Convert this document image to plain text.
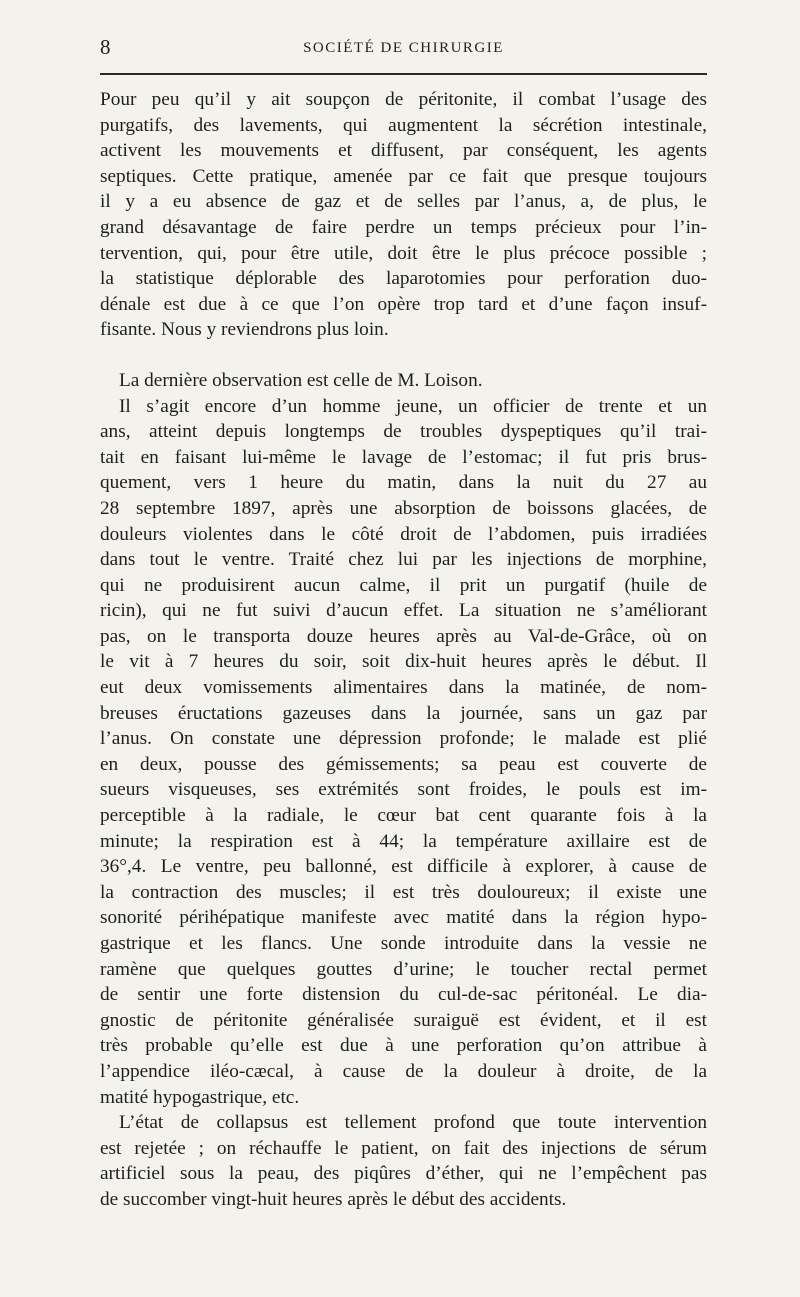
8	SOCIÉTÉ DE CHIRURGIE
Pour peu qu’il y ait soupçon de péritonite, il combat l’usage des
purgatifs, des lavements, qui augmentent la sécrétion intestinale,
activent les mouvements et diffusent, par conséquent, les agents
septiques. Cette pratique, amenée par ce fait que presque toujours
il y a eu absence de gaz et de selles par l’anus, a, de plus, le
grand désavantage de faire perdre un temps précieux pour l’in-
tervention, qui, pour être utile, doit être le plus précoce possible ;
la statistique déplorable des laparotomies pour perforation duo-
dénale est due à ce que l’on opère trop tard et d’une façon insuf-
fisante. Nous y reviendrons plus loin.
La dernière observation est celle de M. Loison.
Il s’agit encore d’un homme jeune, un officier de trente et un
ans, atteint depuis longtemps de troubles dyspeptiques qu’il trai-
tait en faisant lui-même le lavage de l’estomac; il fut pris brus-
quement, vers 1 heure du matin, dans la nuit du 27 au
28 septembre 1897, après une absorption de boissons glacées, de
douleurs violentes dans le côté droit de l’abdomen, puis irradiées
dans tout le ventre. Traité chez lui par les injections de morphine,
qui ne produisirent aucun calme, il prit un purgatif (huile de
ricin), qui ne fut suivi d’aucun effet. La situation ne s’améliorant
pas, on le transporta douze heures après au Val-de-Grâce, où on
le vit à 7 heures du soir, soit dix-huit heures après le début. Il
eut deux vomissements alimentaires dans la matinée, de nom-
breuses éructations gazeuses dans la journée, sans un gaz par
l’anus. On constate une dépression profonde; le malade est plié
en deux, pousse des gémissements; sa peau est couverte de
sueurs visqueuses, ses extrémités sont froides, le pouls est im-
perceptible à la radiale, le cœur bat cent quarante fois à la
minute; la respiration est à 44; la température axillaire est de
36°,4. Le ventre, peu ballonné, est difficile à explorer, à cause de
la contraction des muscles; il est très douloureux; il existe une
sonorité périhépatique manifeste avec matité dans la région hypo-
gastrique et les flancs. Une sonde introduite dans la vessie ne
ramène que quelques gouttes d’urine; le toucher rectal permet
de sentir une forte distension du cul-de-sac péritonéal. Le dia-
gnostic de péritonite généralisée suraiguë est évident, et il est
très probable qu’elle est due à une perforation qu’on attribue à
l’appendice iléo-cæcal, à cause de la douleur à droite, de la
matité hypogastrique, etc.
L’état de collapsus est tellement profond que toute intervention
est rejetée ; on réchauffe le patient, on fait des injections de sérum
artificiel sous la peau, des piqûres d’éther, qui ne l’empêchent pas
de succomber vingt-huit heures après le début des accidents.
